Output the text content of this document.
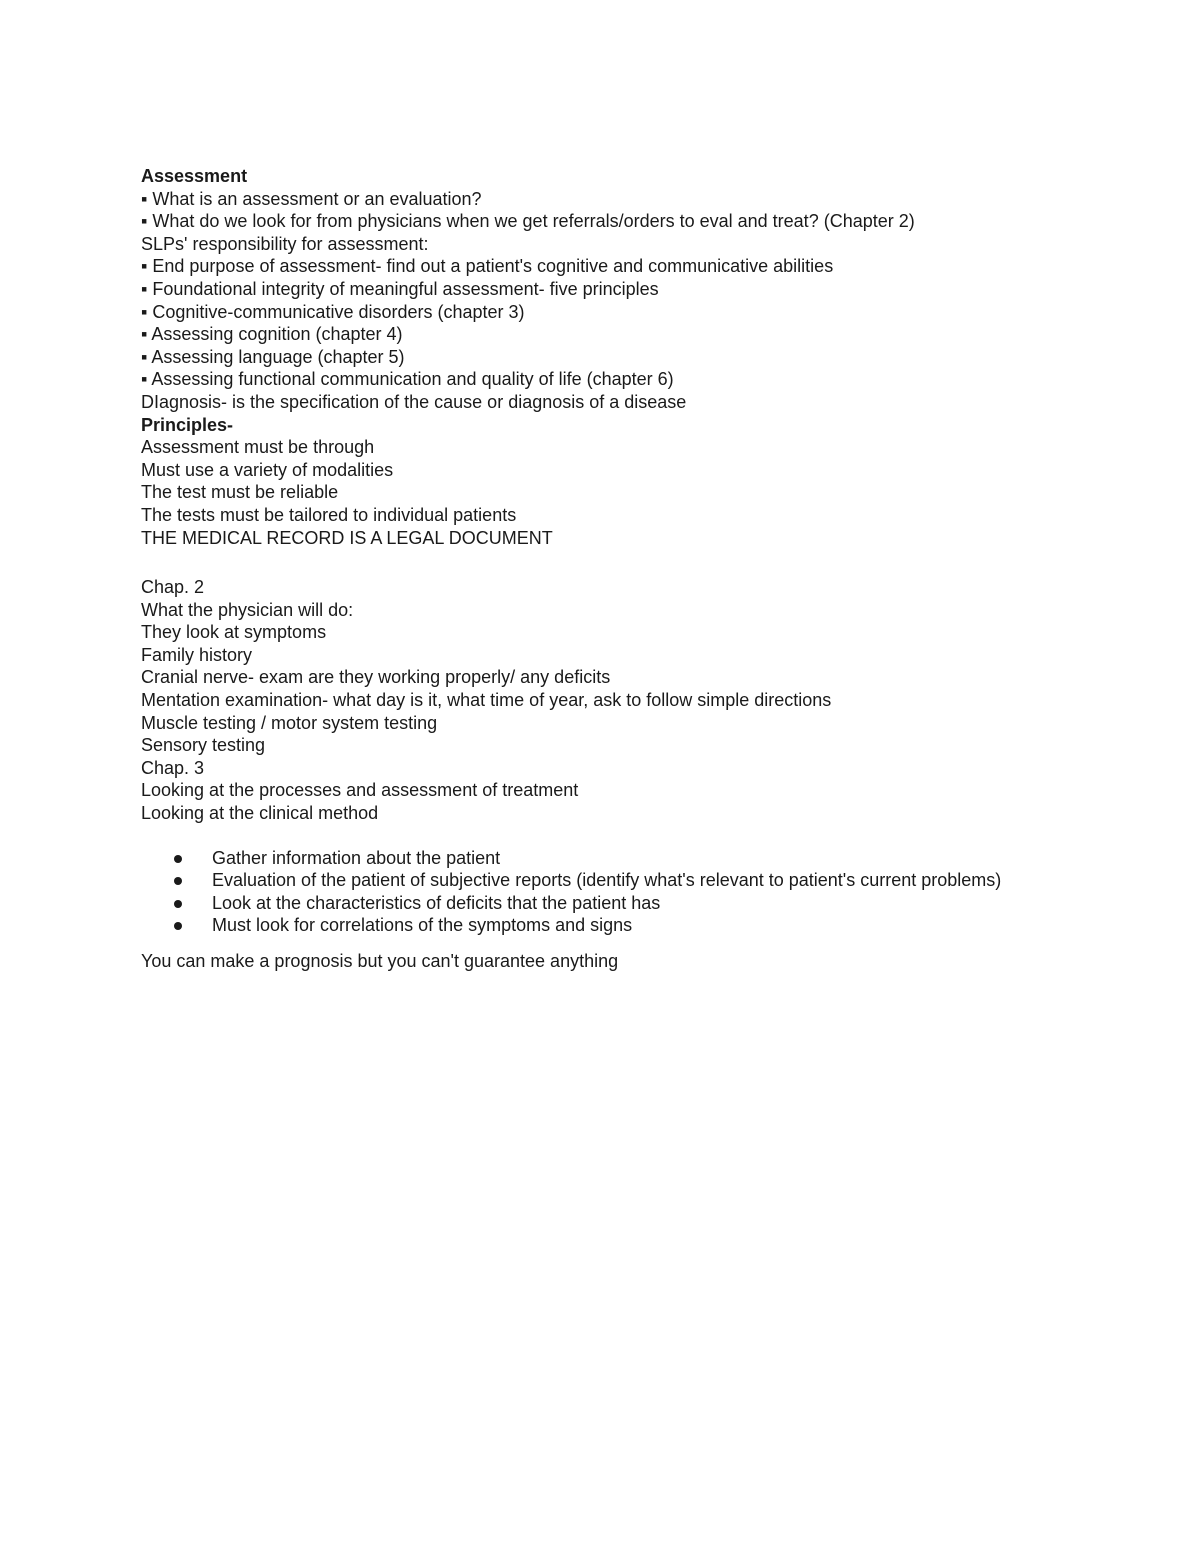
Assessment
▪ What is an assessment or an evaluation?
▪ What do we look for from physicians when we get referrals/orders to eval and treat? (Chapter 2)
SLPs' responsibility for assessment:
▪ End purpose of assessment- find out a patient's cognitive and communicative abilities
▪ Foundational integrity of meaningful assessment- five principles
▪ Cognitive-communicative disorders (chapter 3)
▪ Assessing cognition (chapter 4)
▪ Assessing language (chapter 5)
▪ Assessing functional communication and quality of life (chapter 6)
DIagnosis- is the specification of the cause or diagnosis of a disease
Principles-
Assessment must be through
Must use a variety of modalities
The test must be reliable
The tests must be tailored to individual patients
THE MEDICAL RECORD IS A LEGAL DOCUMENT
Chap. 2
What the physician will do:
They look at symptoms
Family history
Cranial nerve- exam are they working properly/ any deficits
Mentation examination- what day is it, what time of year, ask to follow simple directions
Muscle testing / motor system testing
Sensory testing
Chap. 3
Looking at the processes and assessment of treatment
Looking at the clinical method
Gather information about the patient
Evaluation of the patient of subjective reports (identify what's relevant to patient's current problems)
Look at the characteristics of deficits that the patient has
Must look for correlations of the symptoms and signs
You can make a prognosis but you can't guarantee anything
